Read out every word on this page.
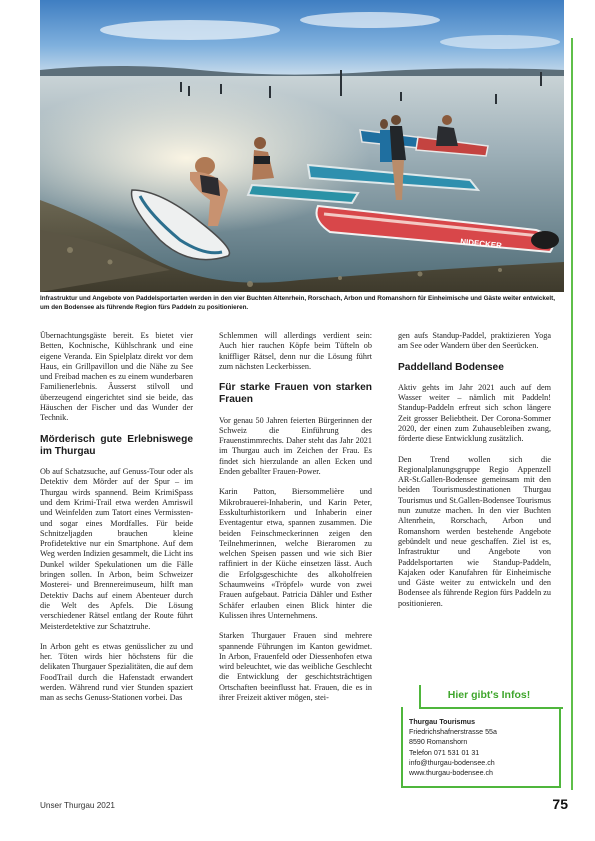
NIDECKER

Infrastruktur und Angebote von Paddelsportarten werden in den vier Buchten Altenrhein, Rorschach, Arbon und Romanshorn für Einheimische und Gäste weiter entwickelt, um den Bodensee als führende Region fürs Paddeln zu positionieren.

Übernachtungsgäste bereit. Es bietet vier Betten, Kochnische, Kühlschrank und eine eigene Veranda. Ein Spielplatz direkt vor dem Haus, ein Grillpavillon und die Nähe zu See und Freibad machen es zu einem wunderbaren Familienerlebnis. Äusserst stilvoll und überzeugend eingerichtet sind sie beide, das Häuschen der Fischer und das Wunder der Technik.

Mörderisch gute Erlebniswege im Thurgau

Ob auf Schatzsuche, auf Genuss-Tour oder als Detektiv dem Mörder auf der Spur – im Thurgau wirds spannend. Beim KrimiSpass und dem Krimi-Trail etwa werden Amriswil und Weinfelden zum Tatort eines Vermissten- und sogar eines Mordfalles. Für beide Schnitzeljagden brauchen kleine Profidetektive nur ein Smartphone. Auf dem Weg werden Indizien gesammelt, die Licht ins Dunkel wilder Spekulationen um die Fälle bringen sollen. In Arbon, beim Schweizer Mosterei- und Brennereimuseum, hilft man Detektiv Dachs auf einem Abenteuer durch die Welt des Apfels. Die Lösung verschiedener Rätsel entlang der Route führt Meisterdetektive zur Schatztruhe.

In Arbon geht es etwas genüsslicher zu und her. Töten wirds hier höchstens für die delikaten Thurgauer Spezialitäten, die auf dem FoodTrail durch die Hafenstadt erwandert werden. Während rund vier Stunden spaziert man as sechs Genuss-Stationen vorbei. Das

Schlemmen will allerdings verdient sein: Auch hier rauchen Köpfe beim Tüfteln ob kniffliger Rätsel, denn nur die Lösung führt zum nächsten Leckerbissen.

Für starke Frauen von starken Frauen

Vor genau 50 Jahren feierten Bürgerinnen der Schweiz die Einführung des Frauenstimmrechts. Daher steht das Jahr 2021 im Thurgau auch im Zeichen der Frau. Es findet sich hierzulande an allen Ecken und Enden geballter Frauen-Power.

Karin Patton, Biersommelière und Mikrobrauerei-Inhaberin, und Karin Peter, Esskulturhistorikern und Inhaberin einer Eventagentur etwa, spannen zusammen. Die beiden Feinschmeckerinnen zeigen den Teilnehmerinnen, welche Bieraromen zu welchen Speisen passen und wie sich Bier raffiniert in der Küche einsetzen lässt. Auch die Erfolgsgeschichte des alkoholfreien Schaumweins «Tröpfel» wurde von zwei Frauen aufgebaut. Patricia Dähler und Esther Schäfer erlauben einen Blick hinter die Kulissen ihres Unternehmens.

Starken Thurgauer Frauen sind mehrere spannende Führungen im Kanton gewidmet. In Arbon, Frauenfeld oder Diessenhofen etwa wird beleuchtet, wie das weibliche Geschlecht die Entwicklung der geschichtsträchtigen Ortschaften beeinflusst hat. Frauen, die es in ihrer Freizeit aktiver mögen, stei-

gen aufs Standup-Paddel, praktizieren Yoga am See oder Wandern über den Seerücken.

Paddelland Bodensee

Aktiv gehts im Jahr 2021 auch auf dem Wasser weiter – nämlich mit Paddeln! Standup-Paddeln erfreut sich schon längere Zeit grosser Beliebtheit. Der Corona-Sommer 2020, der einen zum Zuhausebleiben zwang, förderte diese Entwicklung zusätzlich.

Den Trend wollen sich die Regionalplanungsgruppe Regio Appenzell AR-St.Gallen-Bodensee gemeinsam mit den beiden Tourismusdestinationen Thurgau Tourismus und St.Gallen-Bodensee Tourismus nun zunutze machen. In den vier Buchten Altenrhein, Rorschach, Arbon und Romanshorn werden bestehende Angebote gebündelt und neue geschaffen. Ziel ist es, Infrastruktur und Angebote von Paddelsportarten wie Standup-Paddeln, Kajaken oder Kanufahren für Einheimische und Gäste weiter zu entwickeln und den Bodensee als führende Region fürs Paddeln zu positionieren.

Hier gibt's Infos!
Thurgau Tourismus
Friedrichshafnerstrasse 55a
8590 Romanshorn
Telefon 071 531 01 31
info@thurgau-bodensee.ch
www.thurgau-bodensee.ch
Unser Thurgau 2021	75
